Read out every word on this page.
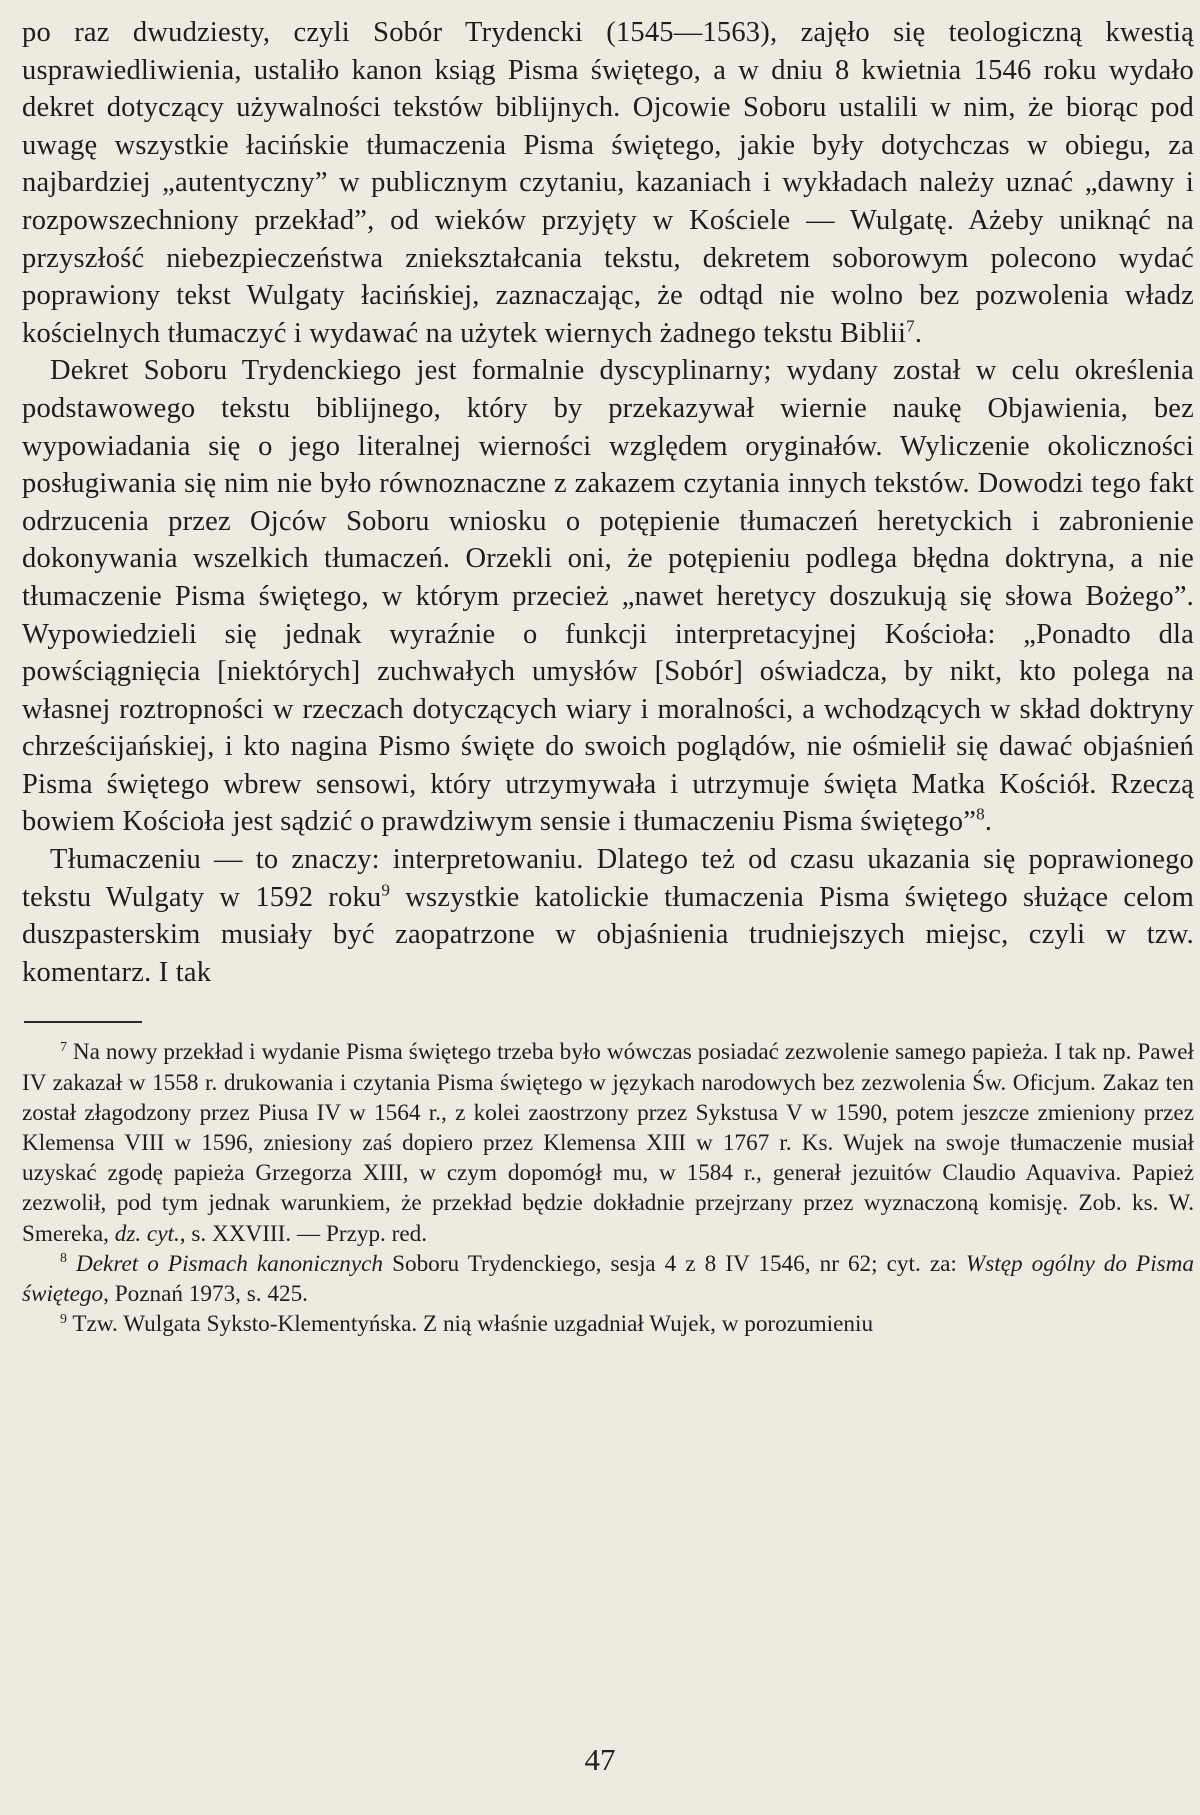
po raz dwudziesty, czyli Sobór Trydencki (1545—1563), zajęło się teologiczną kwestią usprawiedliwienia, ustaliło kanon ksiąg Pisma świętego, a w dniu 8 kwietnia 1546 roku wydało dekret dotyczący używalności tekstów biblijnych. Ojcowie Soboru ustalili w nim, że biorąc pod uwagę wszystkie łacińskie tłumaczenia Pisma świętego, jakie były dotychczas w obiegu, za najbardziej „autentyczny” w publicznym czytaniu, kazaniach i wykładach należy uznać „dawny i rozpowszechniony przekład”, od wieków przyjęty w Kościele — Wulgatę. Ażeby uniknąć na przyszłość niebezpieczeństwa zniekształcania tekstu, dekretem soborowym polecono wydać poprawiony tekst Wulgaty łacińskiej, zaznaczając, że odtąd nie wolno bez pozwolenia władz kościelnych tłumaczyć i wydawać na użytek wiernych żadnego tekstu Biblii$^7$.

Dekret Soboru Trydenckiego jest formalnie dyscyplinarny; wydany został w celu określenia podstawowego tekstu biblijnego, który by przekazywał wiernie naukę Objawienia, bez wypowiadania się o jego literalnej wierności względem oryginałów. Wyliczenie okoliczności posługiwania się nim nie było równoznaczne z zakazem czytania innych tekstów. Dowodzi tego fakt odrzucenia przez Ojców Soboru wniosku o potępienie tłumaczeń heretyckich i zabronienie dokonywania wszelkich tłumaczeń. Orzekli oni, że potępieniu podlega błędna doktryna, a nie tłumaczenie Pisma świętego, w którym przecież „nawet heretycy doszukują się słowa Bożego”. Wypowiedzieli się jednak wyraźnie o funkcji interpretacyjnej Kościoła: „Ponadto dla powściągnięcia [niektórych] zuchwałych umysłów [Sobór] oświadcza, by nikt, kto polega na własnej roztropności w rzeczach dotyczących wiary i moralności, a wchodzących w skład doktryny chrześcijańskiej, i kto nagina Pismo święte do swoich poglądów, nie ośmielił się dawać objaśnień Pisma świętego wbrew sensowi, który utrzymywała i utrzymuje święta Matka Kościół. Rzeczą bowiem Kościoła jest sądzić o prawdziwym sensie i tłumaczeniu Pisma świętego”$^8$.

Tłumaczeniu — to znaczy: interpretowaniu. Dlatego też od czasu ukazania się poprawionego tekstu Wulgaty w 1592 roku$^9$ wszystkie katolickie tłumaczenia Pisma świętego służące celom duszpasterskim musiały być zaopatrzone w objaśnienia trudniejszych miejsc, czyli w tzw. komentarz. I tak

$^7$ Na nowy przekład i wydanie Pisma świętego trzeba było wówczas posiadać zezwolenie samego papieża. I tak np. Paweł IV zakazał w 1558 r. drukowania i czytania Pisma świętego w językach narodowych bez zezwolenia Św. Oficjum. Zakaz ten został złagodzony przez Piusa IV w 1564 r., z kolei zaostrzony przez Sykstusa V w 1590, potem jeszcze zmieniony przez Klemensa VIII w 1596, zniesiony zaś dopiero przez Klemensa XIII w 1767 r. Ks. Wujek na swoje tłumaczenie musiał uzyskać zgodę papieża Grzegorza XIII, w czym dopomógł mu, w 1584 r., generał jezuitów Claudio Aquaviva. Papież zezwolił, pod tym jednak warunkiem, że przekład będzie dokładnie przejrzany przez wyznaczoną komisję. Zob. ks. W. Smereka, dz. cyt., s. XXVIII. — Przyp. red.

$^8$ Dekret o Pismach kanonicznych Soboru Trydenckiego, sesja 4 z 8 IV 1546, nr 62; cyt. za: Wstęp ogólny do Pisma świętego, Poznań 1973, s. 425.

$^9$ Tzw. Wulgata Syksto-Klementyńska. Z nią właśnie uzgadniał Wujek, w porozumieniu

47
